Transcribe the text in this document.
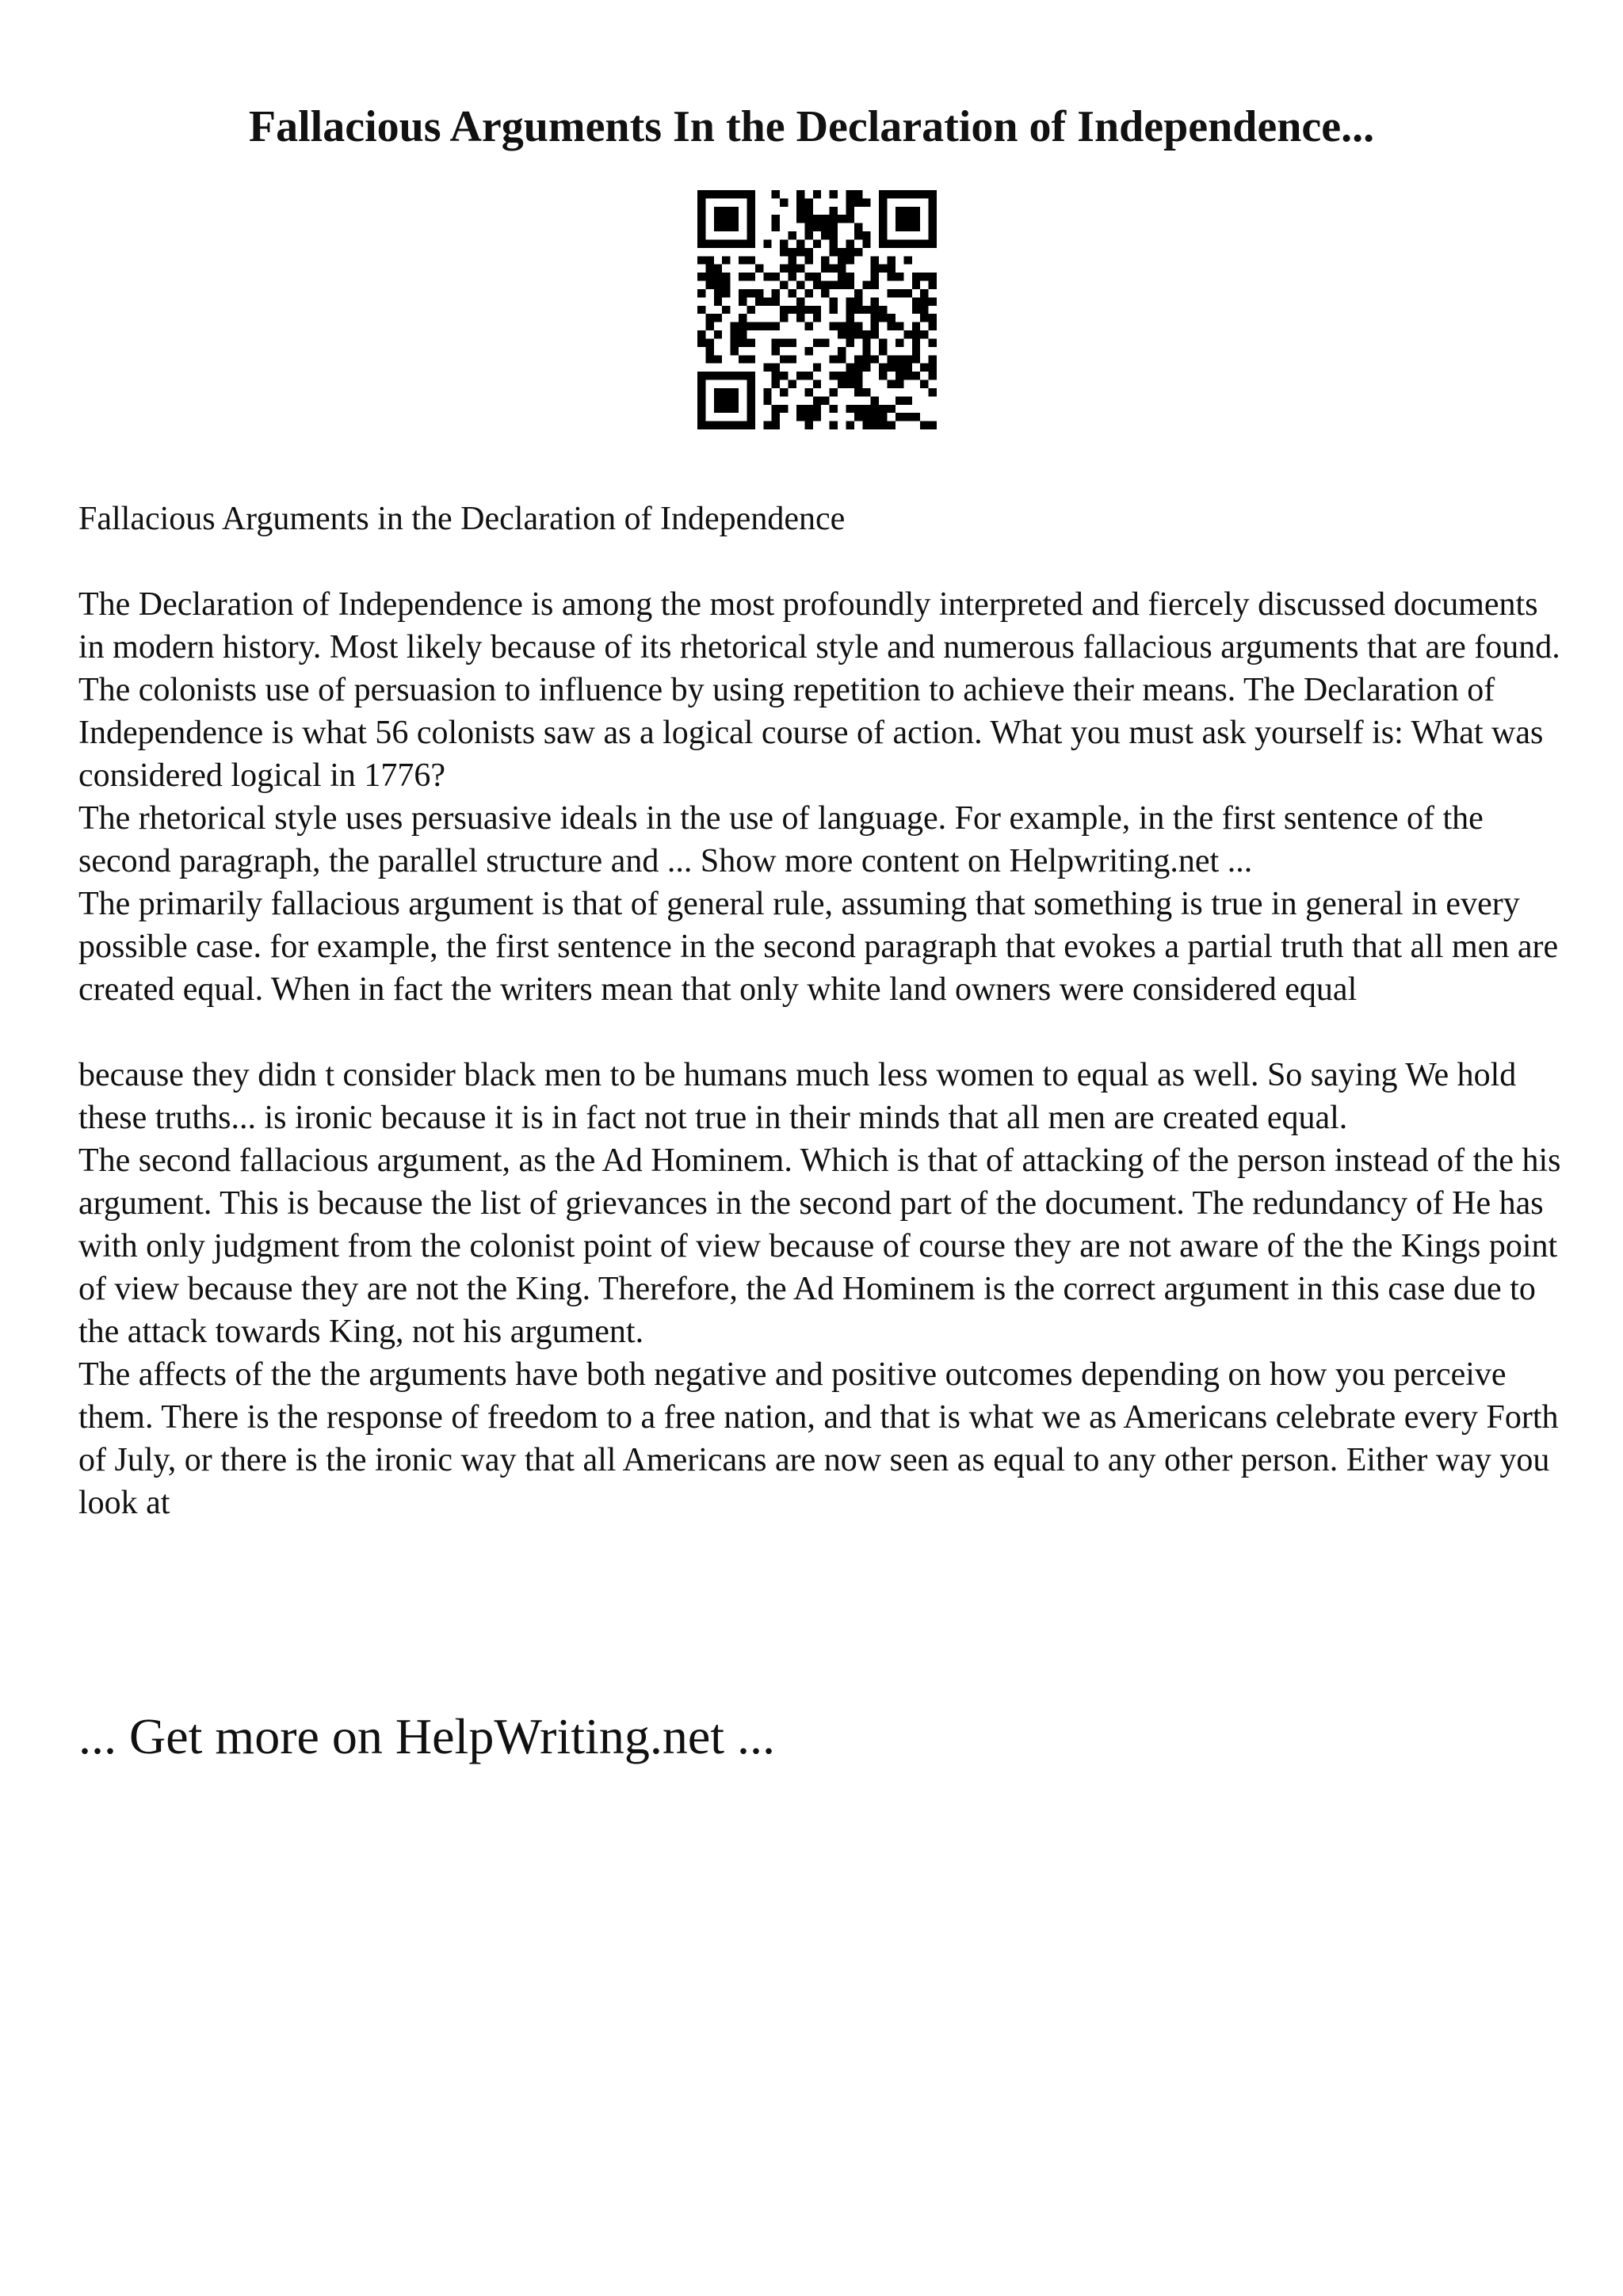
Fallacious Arguments In the Declaration of Independence...

Fallacious Arguments in the Declaration of Independence

The Declaration of Independence is among the most profoundly interpreted and fiercely discussed documents in modern history. Most likely because of its rhetorical style and numerous fallacious arguments that are found. The colonists use of persuasion to influence by using repetition to achieve their means. The Declaration of Independence is what 56 colonists saw as a logical course of action. What you must ask yourself is: What was considered logical in 1776?

The rhetorical style uses persuasive ideals in the use of language. For example, in the first sentence of the second paragraph, the parallel structure and ... Show more content on Helpwriting.net ...

The primarily fallacious argument is that of general rule, assuming that something is true in general in every possible case. for example, the first sentence in the second paragraph that evokes a partial truth that all men are created equal. When in fact the writers mean that only white land owners were considered equal

because they didn t consider black men to be humans much less women to equal as well. So saying We hold these truths... is ironic because it is in fact not true in their minds that all men are created equal.

The second fallacious argument, as the Ad Hominem. Which is that of attacking of the person instead of the his argument. This is because the list of grievances in the second part of the document. The redundancy of He has with only judgment from the colonist point of view because of course they are not aware of the the Kings point of view because they are not the King. Therefore, the Ad Hominem is the correct argument in this case due to the attack towards King, not his argument.

The affects of the the arguments have both negative and positive outcomes depending on how you perceive them. There is the response of freedom to a free nation, and that is what we as Americans celebrate every Forth of July, or there is the ironic way that all Americans are now seen as equal to any other person. Either way you look at

... Get more on HelpWriting.net ...
